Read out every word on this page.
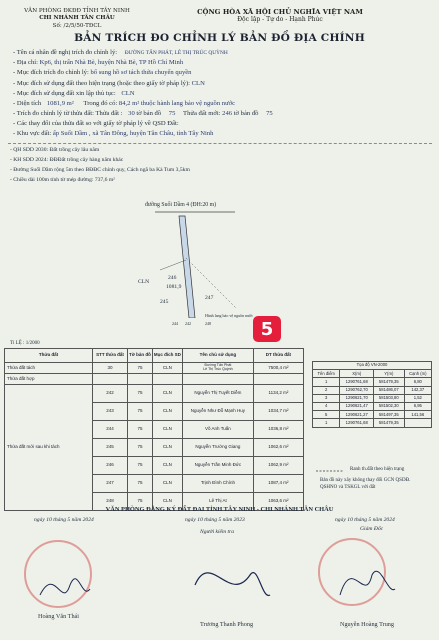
VĂN PHÒNG ĐKĐĐ TỈNH TÂY NINH
CHI NHÁNH TÂN CHÂU
Số: /2/5/50-TĐCL
CỘNG HÒA XÃ HỘI CHỦ NGHĨA VIỆT NAM
Độc lập - Tự do - Hạnh Phúc
BẢN TRÍCH ĐO CHỈNH LÝ BẢN ĐỒ ĐỊA CHÍNH
- Tên cá nhân đề nghị trích đo chỉnh lý: ĐƯỜNG TẤN PHÁT, LÊ THỊ TRÚC QUỲNH
- Địa chỉ: Kp6, thị trấn Nhà Bè, huyện Nhà Bè, TP Hồ Chí Minh
- Mục đích trích đo chỉnh lý: bổ sung hồ sơ tách thửa chuyển quyền
- Mục đích sử dụng đất theo hiện trạng (hoặc theo giấy tờ pháp lý): CLN
- Mục đích sử dụng đất xin lập thủ tục: CLN
- Diện tích 1081,9 m² Trong đó có: 84,2 m² thuộc hành lang bảo vệ nguồn nước
- Trích đo chỉnh lý từ thửa đất: Thửa đất : 30 tờ bản đồ 75 Thửa đất mới: 246 tờ bản đồ 75
- Các thay đổi của thửa đất so với giấy tờ pháp lý về QSD Đất:
- Khu vực đất: ấp Suối Dầm , xã Tân Đông, huyện Tân Châu, tỉnh Tây Ninh
- QH SDD 2030: Đất trồng cây lâu năm
- KH SDD 2024: ĐĐĐất trồng cây hàng năm khác
- Đường Suối Dầm rộng 5m theo BĐĐC chính quy, Cách ngã ba Kà Tum 3,5km
- Chiều dài 100m tính từ mép đường: 737,6 m²
5
đường Suối Dầm 4 (ĐH:20 m)
246
1081,9
CLN
245
247
Hành lang bảo vệ nguồn nước
244	248
242
Tỉ LỆ : 1/2000
Thửa đất	STT thửa đất	Tờ bản đồ	Mục đích SD	Tên chủ sử dụng	DT thửa đất
Thửa đất tách	30	75	CLN	Đường Tấn Phát
Lê Thị Trúc Quỳnh	7500,4 m²
Thửa đất hợp					
Thửa đất mới sau khi tách	242	75	CLN	Nguyễn Thị Tuyết Diễm	1134,2 m²
	243	75	CLN	Nguyễn Như Đỗ Mạnh Huy	1034,7 m²
	244	75	CLN	Võ Anh Tuấn	1036,8 m²
	245	75	CLN	Nguyễn Trường Giang	1062,6 m²
	246	75	CLN	Nguyễn Trần Minh Đức	1062,9 m²
	247	75	CLN	Trịnh Đình Chính	1087,4 m²
	248	75	CLN	Lê Thị At	1063,6 m²
Tọa độ VN-2000			
Tên điểm	X(m)	Y(m)	Cạnh (m)
1	1290761,68	581479,35	6,80
2	1290762,70	581486,07	142,37
3	1290621,70	581503,80	1,52
4	1290621,47	581502,30	6,95
5	1290621,27	581497,35	141,56
1	1290761,68	581479,35	
Ranh th.đất theo hiện trạng
Bản đồ này xây không thay đổi GCN QSDĐ. QSHNO và TSKGL với đất
VĂN PHÒNG ĐĂNG KÝ ĐẤT ĐAI TỈNH TÂY NINH - CHI NHÁNH TÂN CHÂU
ngày 10 tháng 5 năm 2024	ngày 10 tháng 5 năm 2023	ngày 10 tháng 5 năm 2024
Người kiểm tra	Giám Đốc
Hoàng Văn Thái
Trương Thanh Phong	Nguyễn Hoàng Trung
